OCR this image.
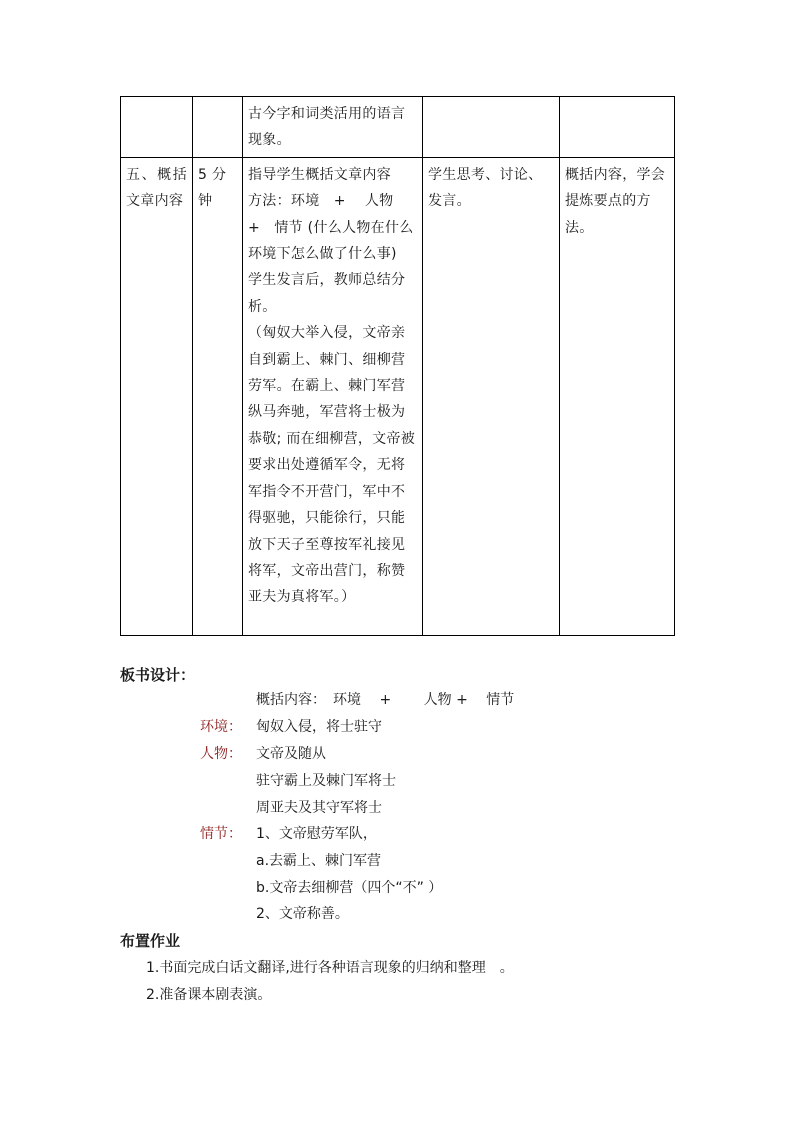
		古今字和词类活用的语言现象。		

五、概括文章内容	5 分钟	指导学生概括文章内容
方法：环境　+　 人物
+　情节 (什么人物在什么环境下怎么做了什么事)
学生发言后，教师总结分析。
（匈奴大举入侵，文帝亲自到霸上、棘门、细柳营劳军。在霸上、棘门军营纵马奔驰，军营将士极为恭敬; 而在细柳营，文帝被要求出处遵循军令，无将军指令不开营门，军中不得驱驰，只能徐行，只能放下天子至尊按军礼接见将军，文帝出营门，称赞亚夫为真将军。）	学生思考、讨论、发言。	概括内容，学会提炼要点的方法。
板书设计：
概括内容：　环境　 +　　 人物 +　 情节
环境： 匈奴入侵，将士驻守
人物： 文帝及随从
驻守霸上及棘门军将士
周亚夫及其守军将士
情节： 1、文帝慰劳军队，
a.去霸上、棘门军营
b.文帝去细柳营（四个“不” ）
2、文帝称善。
布置作业
1.书面完成白话文翻译,进行各种语言现象的归纳和整理　。
2.准备课本剧表演。
